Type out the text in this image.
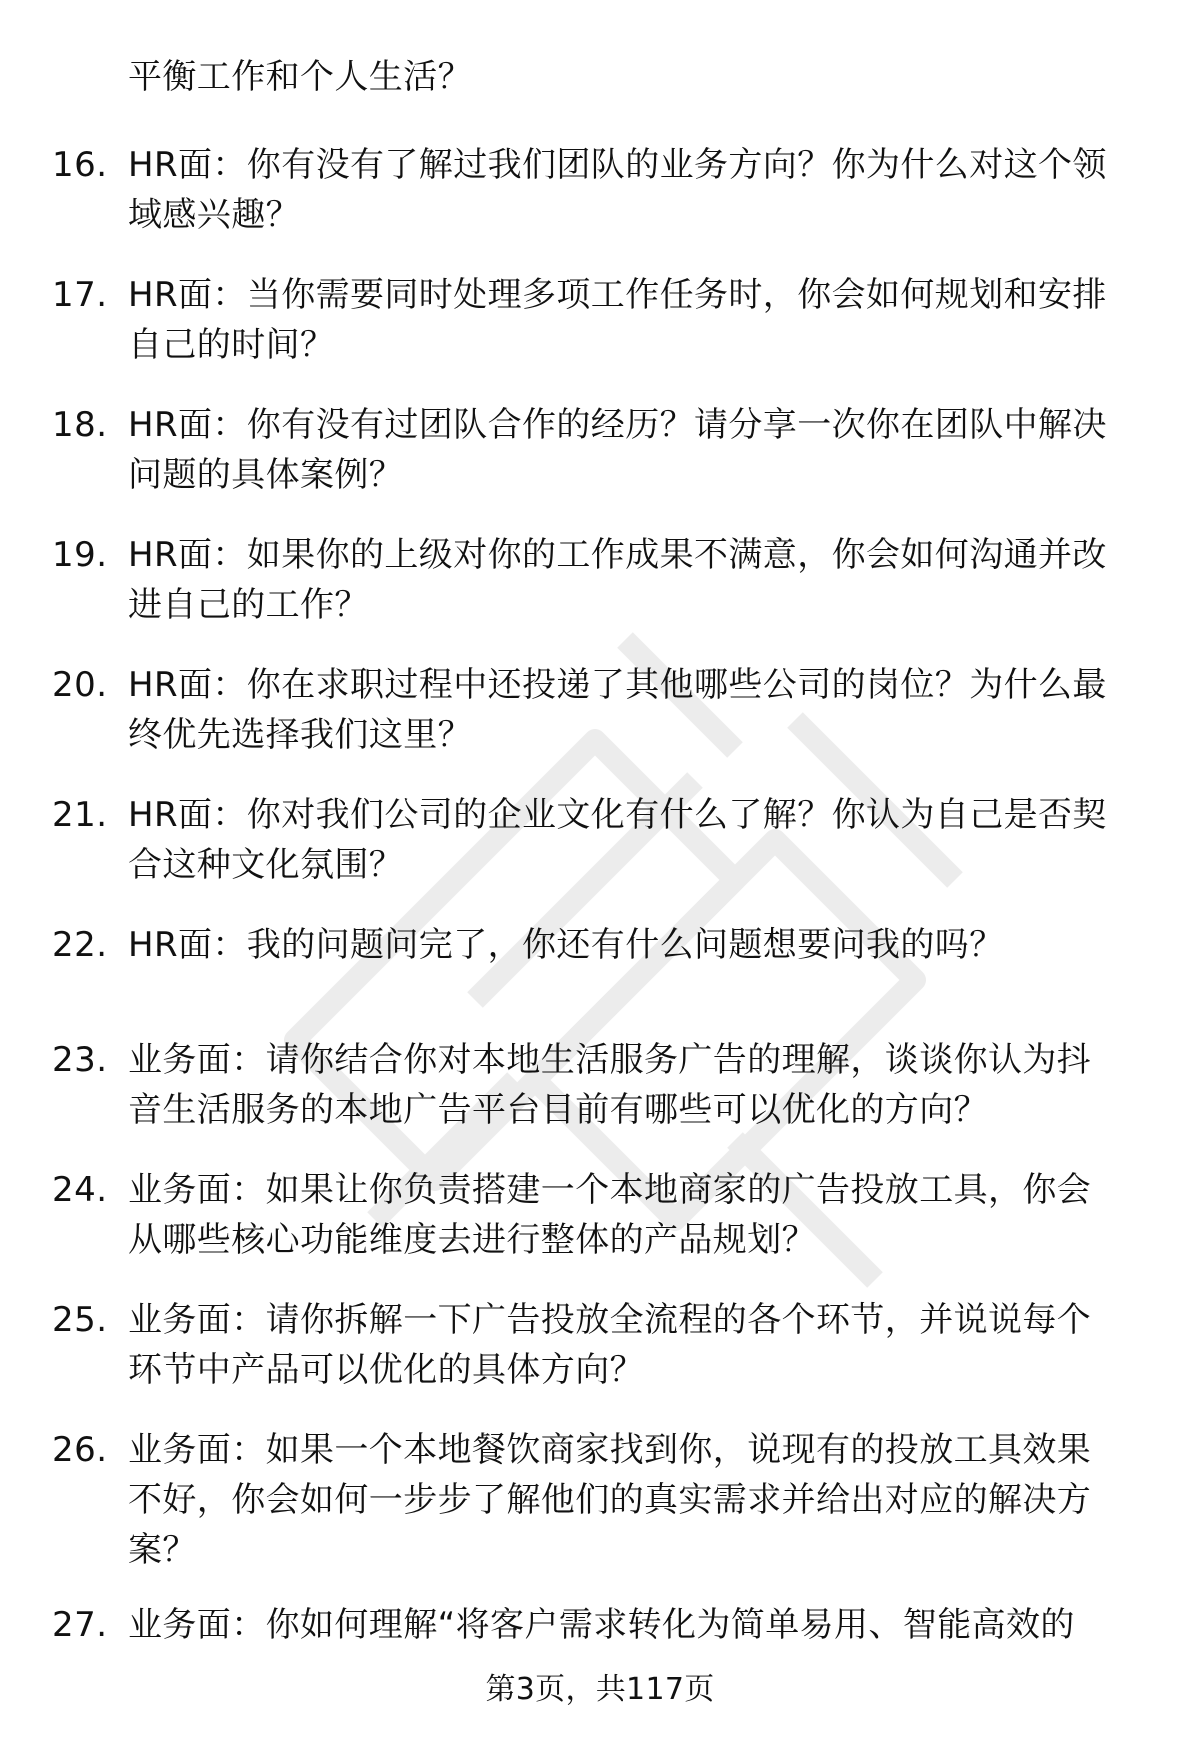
平衡工作和个人生活？
16. HR面：你有没有了解过我们团队的业务方向？你为什么对这个领
域感兴趣？
17. HR面：当你需要同时处理多项工作任务时，你会如何规划和安排
自己的时间？
18. HR面：你有没有过团队合作的经历？请分享一次你在团队中解决
问题的具体案例？
19. HR面：如果你的上级对你的工作成果不满意，你会如何沟通并改
进自己的工作？
20. HR面：你在求职过程中还投递了其他哪些公司的岗位？为什么最
终优先选择我们这里？
21. HR面：你对我们公司的企业文化有什么了解？你认为自己是否契
合这种文化氛围？
22. HR面：我的问题问完了，你还有什么问题想要问我的吗？
23. 业务面：请你结合你对本地生活服务广告的理解，谈谈你认为抖
音生活服务的本地广告平台目前有哪些可以优化的方向？
24. 业务面：如果让你负责搭建一个本地商家的广告投放工具，你会
从哪些核心功能维度去进行整体的产品规划？
25. 业务面：请你拆解一下广告投放全流程的各个环节，并说说每个
环节中产品可以优化的具体方向？
26. 业务面：如果一个本地餐饮商家找到你，说现有的投放工具效果
不好，你会如何一步步了解他们的真实需求并给出对应的解决方
案？
27. 业务面：你如何理解“将客户需求转化为简单易用、智能高效的
第3页，共117页
